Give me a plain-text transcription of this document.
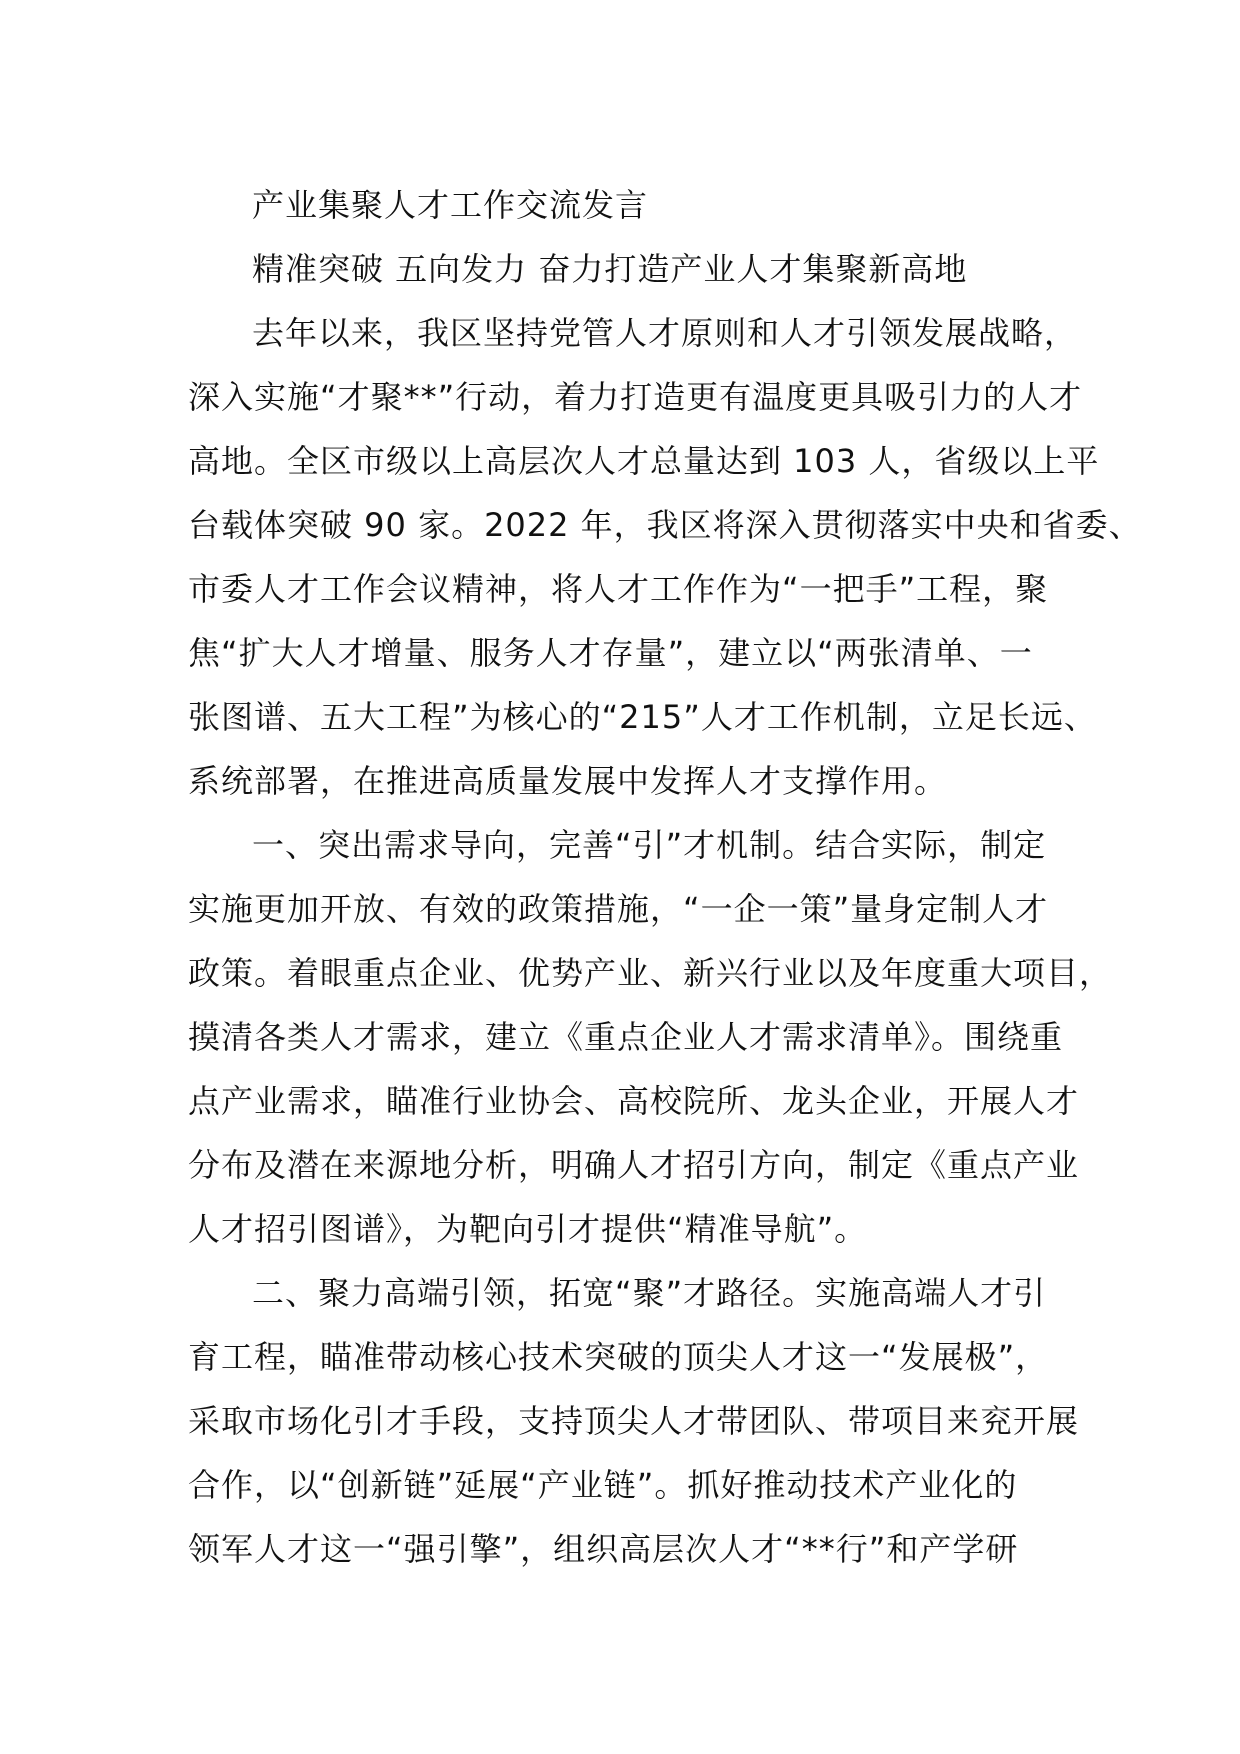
产业集聚人才工作交流发言
精准突破 五向发力 奋力打造产业人才集聚新高地
去年以来，我区坚持党管人才原则和人才引领发展战略，
深入实施“才聚**”行动，着力打造更有温度更具吸引力的人才
高地。全区市级以上高层次人才总量达到 103 人，省级以上平
台载体突破 90 家。2022 年，我区将深入贯彻落实中央和省委、
市委人才工作会议精神，将人才工作作为“一把手”工程，聚
焦“扩大人才增量、服务人才存量”，建立以“两张清单、一
张图谱、五大工程”为核心的“215”人才工作机制，立足长远、
系统部署，在推进高质量发展中发挥人才支撑作用。
一、突出需求导向，完善“引”才机制。结合实际，制定
实施更加开放、有效的政策措施，“一企一策”量身定制人才
政策。着眼重点企业、优势产业、新兴行业以及年度重大项目，
摸清各类人才需求，建立《重点企业人才需求清单》。围绕重
点产业需求，瞄准行业协会、高校院所、龙头企业，开展人才
分布及潜在来源地分析，明确人才招引方向，制定《重点产业
人才招引图谱》，为靶向引才提供“精准导航”。
二、聚力高端引领，拓宽“聚”才路径。实施高端人才引
育工程，瞄准带动核心技术突破的顶尖人才这一“发展极”，
采取市场化引才手段，支持顶尖人才带团队、带项目来兖开展
合作，以“创新链”延展“产业链”。抓好推动技术产业化的
领军人才这一“强引擎”，组织高层次人才“**行”和产学研
